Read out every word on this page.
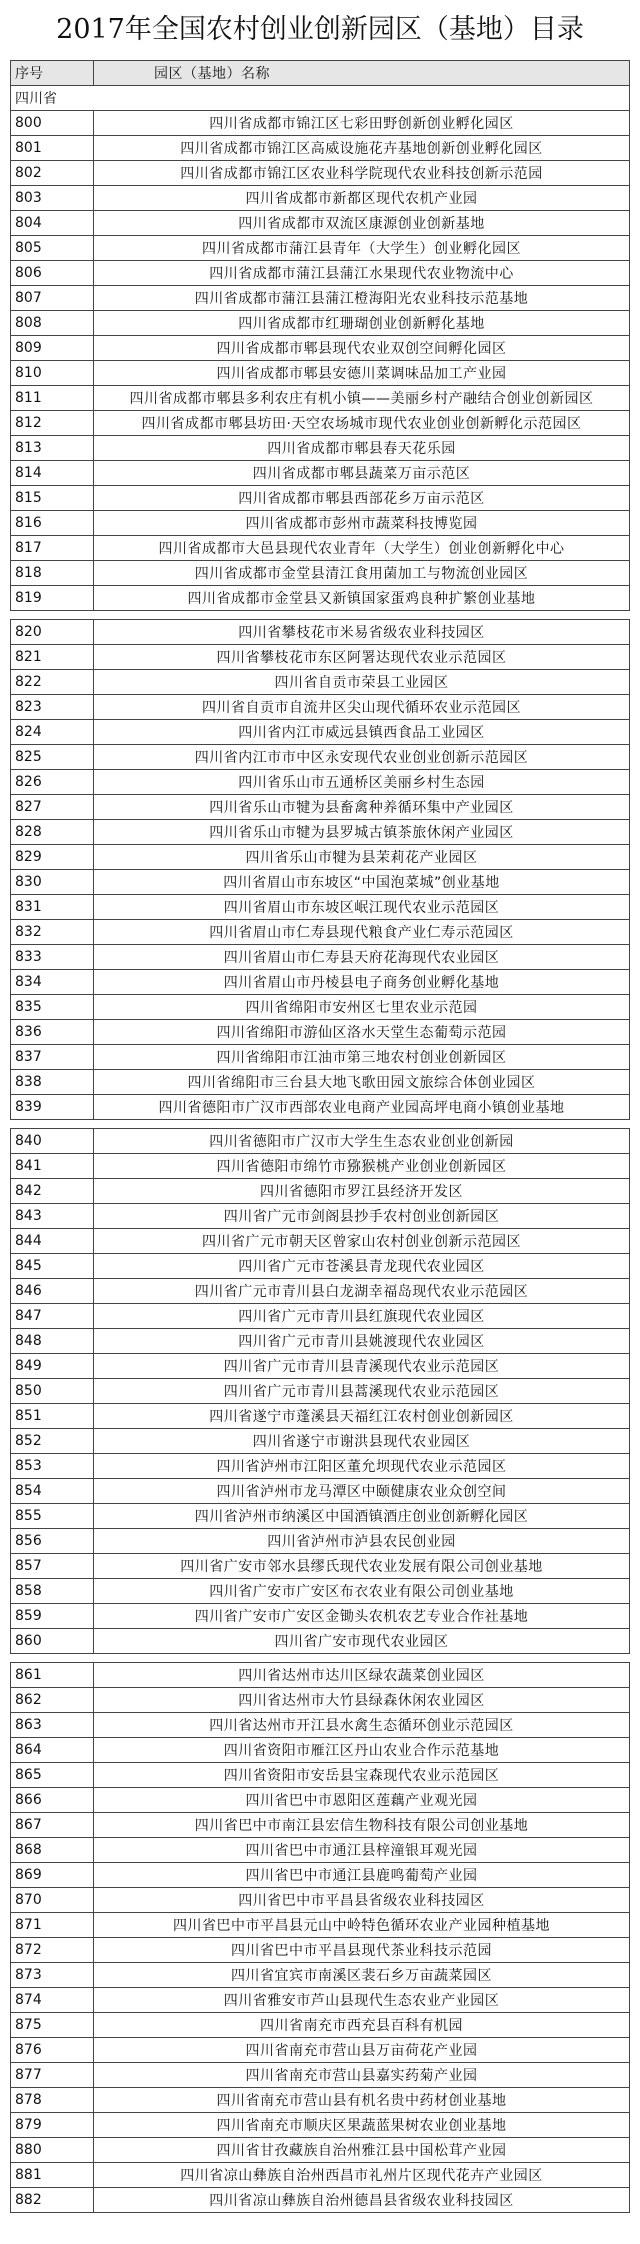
2017年全国农村创业创新园区（基地）目录
序号	园区（基地）名称
四川省	
800	四川省成都市锦江区七彩田野创新创业孵化园区
801	四川省成都市锦江区高威设施花卉基地创新创业孵化园区
802	四川省成都市锦江区农业科学院现代农业科技创新示范园
803	四川省成都市新都区现代农机产业园
804	四川省成都市双流区康源创业创新基地
805	四川省成都市蒲江县青年（大学生）创业孵化园区
806	四川省成都市蒲江县蒲江水果现代农业物流中心
807	四川省成都市蒲江县蒲江橙海阳光农业科技示范基地
808	四川省成都市红珊瑚创业创新孵化基地
809	四川省成都市郫县现代农业双创空间孵化园区
810	四川省成都市郫县安德川菜调味品加工产业园
811	四川省成都市郫县多利农庄有机小镇——美丽乡村产融结合创业创新园区
812	四川省成都市郫县坊田·天空农场城市现代农业创业创新孵化示范园区
813	四川省成都市郫县春天花乐园
814	四川省成都市郫县蔬菜万亩示范区
815	四川省成都市郫县西部花乡万亩示范区
816	四川省成都市彭州市蔬菜科技博览园
817	四川省成都市大邑县现代农业青年（大学生）创业创新孵化中心
818	四川省成都市金堂县清江食用菌加工与物流创业园区
819	四川省成都市金堂县又新镇国家蛋鸡良种扩繁创业基地

820	四川省攀枝花市米易省级农业科技园区
821	四川省攀枝花市东区阿署达现代农业示范园区
822	四川省自贡市荣县工业园区
823	四川省自贡市自流井区尖山现代循环农业示范园区
824	四川省内江市威远县镇西食品工业园区
825	四川省内江市市中区永安现代农业创业创新示范园区
826	四川省乐山市五通桥区美丽乡村生态园
827	四川省乐山市犍为县畜禽种养循环集中产业园区
828	四川省乐山市犍为县罗城古镇茶旅休闲产业园区
829	四川省乐山市犍为县茉莉花产业园区
830	四川省眉山市东坡区“中国泡菜城”创业基地
831	四川省眉山市东坡区岷江现代农业示范园区
832	四川省眉山市仁寿县现代粮食产业仁寿示范园区
833	四川省眉山市仁寿县天府花海现代农业园区
834	四川省眉山市丹棱县电子商务创业孵化基地
835	四川省绵阳市安州区七里农业示范园
836	四川省绵阳市游仙区洛水天堂生态葡萄示范园
837	四川省绵阳市江油市第三地农村创业创新园区
838	四川省绵阳市三台县大地飞歌田园文旅综合体创业园区
839	四川省德阳市广汉市西部农业电商产业园高坪电商小镇创业基地

840	四川省德阳市广汉市大学生生态农业创业创新园
841	四川省德阳市绵竹市猕猴桃产业创业创新园区
842	四川省德阳市罗江县经济开发区
843	四川省广元市剑阁县抄手农村创业创新园区
844	四川省广元市朝天区曾家山农村创业创新示范园区
845	四川省广元市苍溪县青龙现代农业园区
846	四川省广元市青川县白龙湖幸福岛现代农业示范园区
847	四川省广元市青川县红旗现代农业园区
848	四川省广元市青川县姚渡现代农业园区
849	四川省广元市青川县青溪现代农业示范园区
850	四川省广元市青川县蒿溪现代农业示范园区
851	四川省遂宁市蓬溪县天福红江农村创业创新园区
852	四川省遂宁市谢洪县现代农业园区
853	四川省泸州市江阳区董允坝现代农业示范园区
854	四川省泸州市龙马潭区中颐健康农业众创空间
855	四川省泸州市纳溪区中国酒镇酒庄创业创新孵化园区
856	四川省泸州市泸县农民创业园
857	四川省广安市邻水县缪氏现代农业发展有限公司创业基地
858	四川省广安市广安区布衣农业有限公司创业基地
859	四川省广安市广安区金锄头农机农艺专业合作社基地
860	四川省广安市现代农业园区

861	四川省达州市达川区绿农蔬菜创业园区
862	四川省达州市大竹县绿森休闲农业园区
863	四川省达州市开江县水禽生态循环创业示范园区
864	四川省资阳市雁江区丹山农业合作示范基地
865	四川省资阳市安岳县宝森现代农业示范园区
866	四川省巴中市恩阳区莲藕产业观光园
867	四川省巴中市南江县宏信生物科技有限公司创业基地
868	四川省巴中市通江县梓潼银耳观光园
869	四川省巴中市通江县鹿鸣葡萄产业园
870	四川省巴中市平昌县省级农业科技园区
871	四川省巴中市平昌县元山中岭特色循环农业产业园种植基地
872	四川省巴中市平昌县现代茶业科技示范园
873	四川省宜宾市南溪区裴石乡万亩蔬菜园区
874	四川省雅安市芦山县现代生态农业产业园区
875	四川省南充市西充县百科有机园
876	四川省南充市营山县万亩荷花产业园
877	四川省南充市营山县嘉实药菊产业园
878	四川省南充市营山县有机名贵中药材创业基地
879	四川省南充市顺庆区果蔬蓝果树农业创业基地
880	四川省甘孜藏族自治州雅江县中国松茸产业园
881	四川省凉山彝族自治州西昌市礼州片区现代花卉产业园区
882	四川省凉山彝族自治州德昌县省级农业科技园区
